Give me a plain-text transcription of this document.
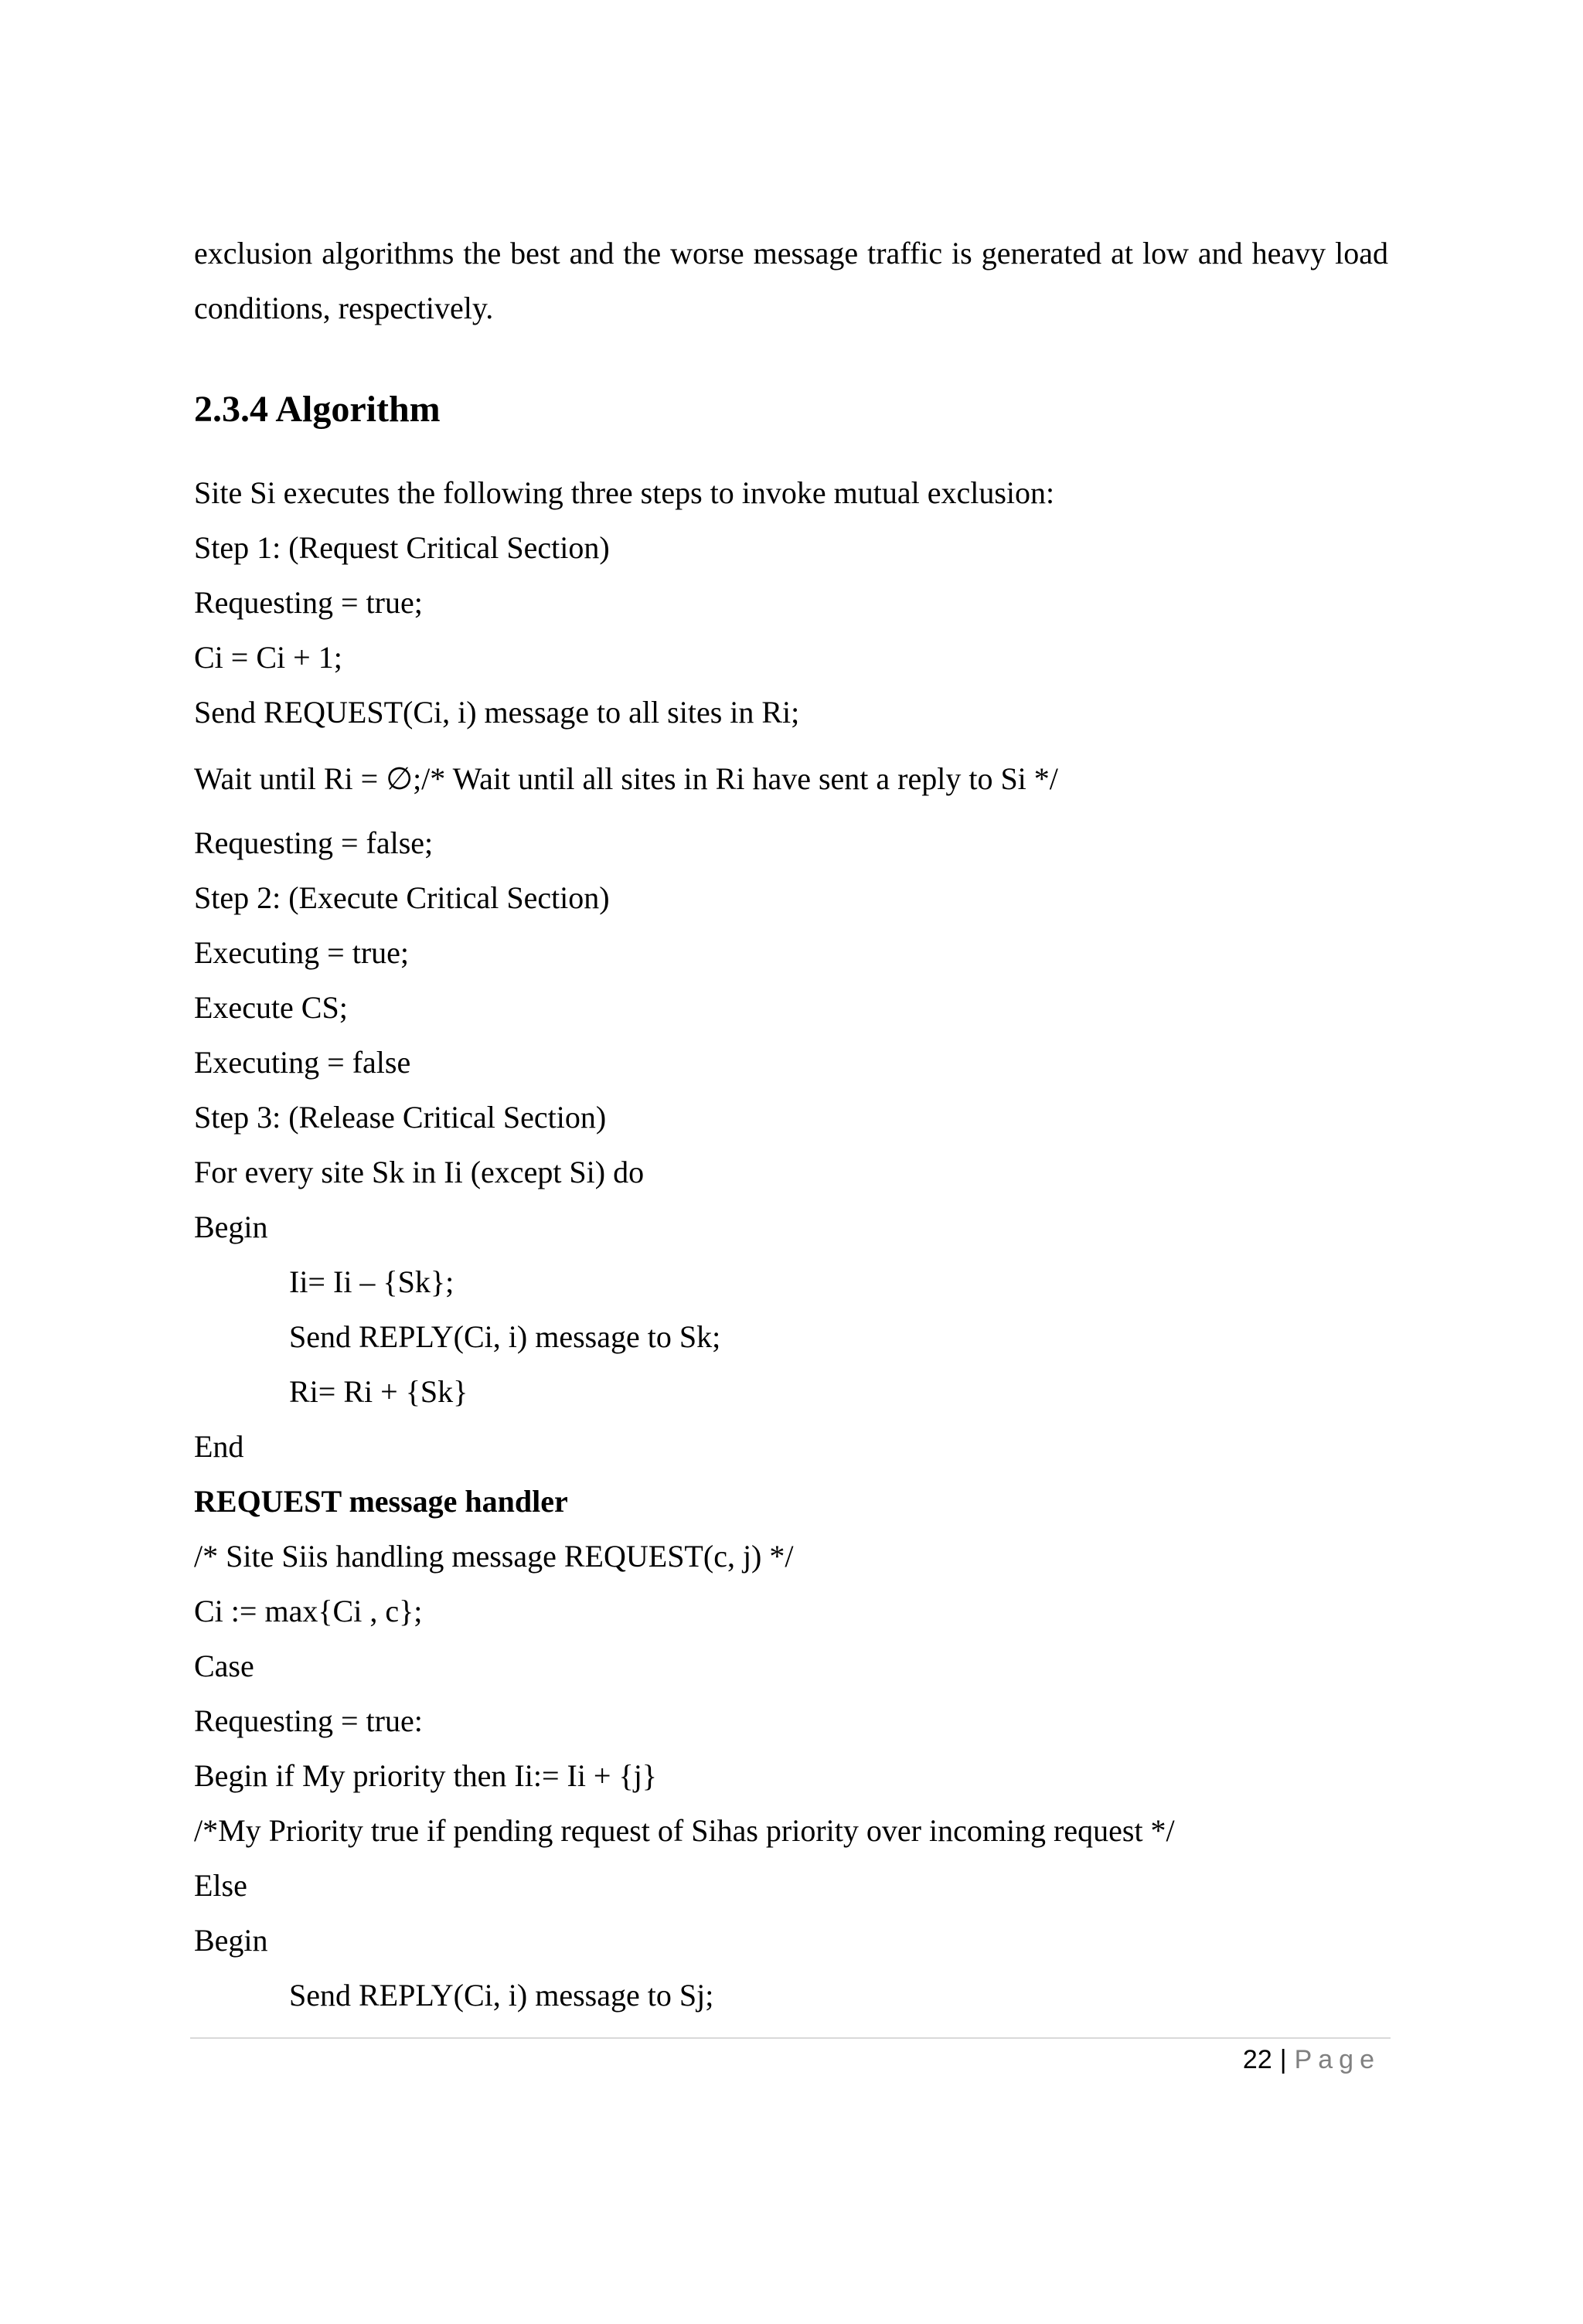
exclusion algorithms the best and the worse message traffic is generated at low and heavy load conditions, respectively.
2.3.4 Algorithm
Site Si executes the following three steps to invoke mutual exclusion:
Step 1: (Request Critical Section)
Requesting = true;
Ci = Ci + 1;
Send REQUEST(Ci, i) message to all sites in Ri;
Wait until Ri = ∅;/* Wait until all sites in Ri have sent a reply to Si */
Requesting = false;
Step 2: (Execute Critical Section)
Executing = true;
Execute CS;
Executing = false
Step 3: (Release Critical Section)
For every site Sk in Ii (except Si) do
Begin
Ii= Ii – {Sk};
Send REPLY(Ci, i) message to Sk;
Ri= Ri + {Sk}
End
REQUEST message handler
/* Site Siis handling message REQUEST(c, j) */
Ci := max{Ci , c};
Case
Requesting = true:
Begin if My priority then Ii:= Ii + {j}
/*My Priority true if pending request of Sihas priority over incoming request */
Else
Begin
Send REPLY(Ci, i) message to Sj;
22 | Page
